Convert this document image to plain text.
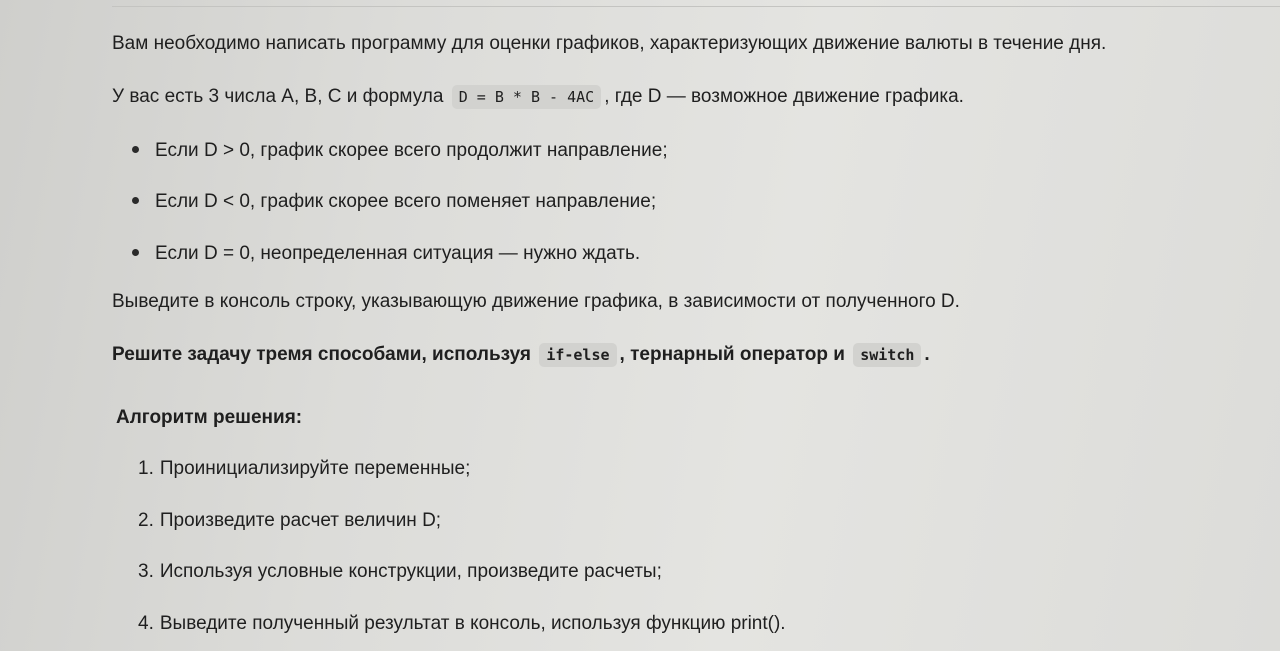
Вам необходимо написать программу для оценки графиков, характеризующих движение валюты в течение дня.
У вас есть 3 числа A, B, C и формула D = B * B - 4AC , где D — возможное движение графика.
Если D > 0, график скорее всего продолжит направление;
Если D < 0, график скорее всего поменяет направление;
Если D = 0, неопределенная ситуация — нужно ждать.
Выведите в консоль строку, указывающую движение графика, в зависимости от полученного D.
Решите задачу тремя способами, используя if-else , тернарный оператор и switch .
Алгоритм решения:
1. Проинициализируйте переменные;
2. Произведите расчет величин D;
3. Используя условные конструкции, произведите расчеты;
4. Выведите полученный результат в консоль, используя функцию print().
